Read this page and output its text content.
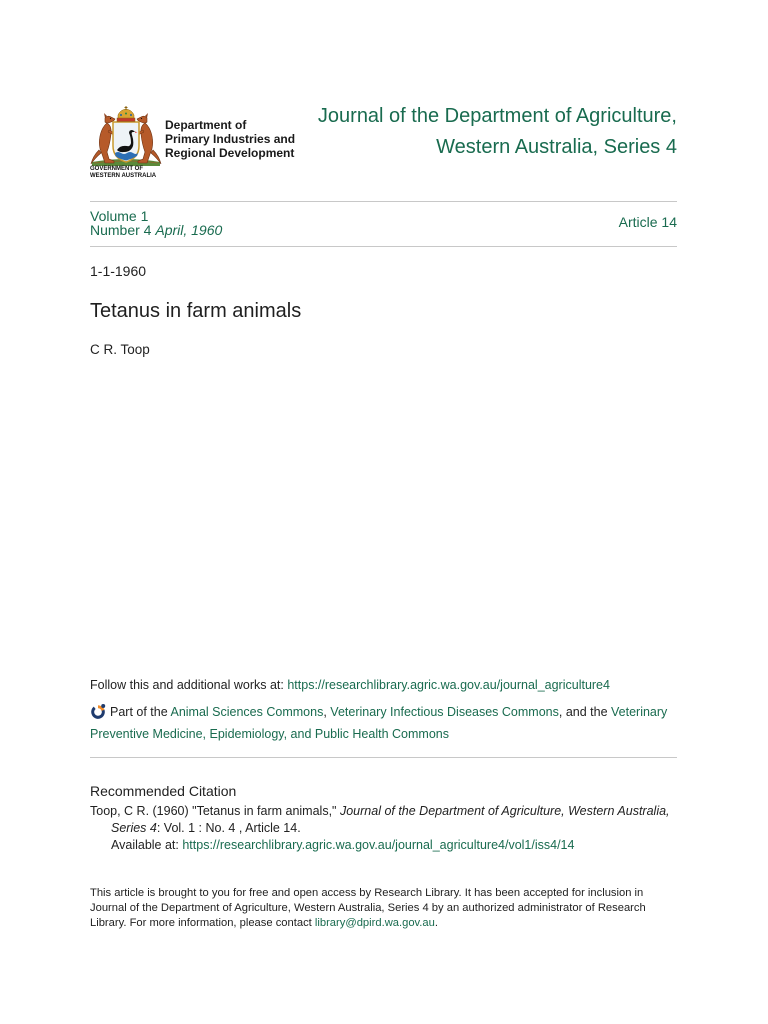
GOVERNMENT OF
WESTERN AUSTRALIA
Department of
Primary Industries and
Regional Development
Journal of the Department of Agriculture,
Western Australia, Series 4
Volume 1
Number 4 April, 1960	Article 14
1-1-1960
Tetanus in farm animals
C R. Toop
Follow this and additional works at: https://researchlibrary.agric.wa.gov.au/journal_agriculture4
Part of the Animal Sciences Commons, Veterinary Infectious Diseases Commons, and the Veterinary Preventive Medicine, Epidemiology, and Public Health Commons
Recommended Citation
Toop, C R. (1960) "Tetanus in farm animals," Journal of the Department of Agriculture, Western Australia, Series 4: Vol. 1 : No. 4 , Article 14.
Available at: https://researchlibrary.agric.wa.gov.au/journal_agriculture4/vol1/iss4/14
This article is brought to you for free and open access by Research Library. It has been accepted for inclusion in Journal of the Department of Agriculture, Western Australia, Series 4 by an authorized administrator of Research Library. For more information, please contact library@dpird.wa.gov.au.
